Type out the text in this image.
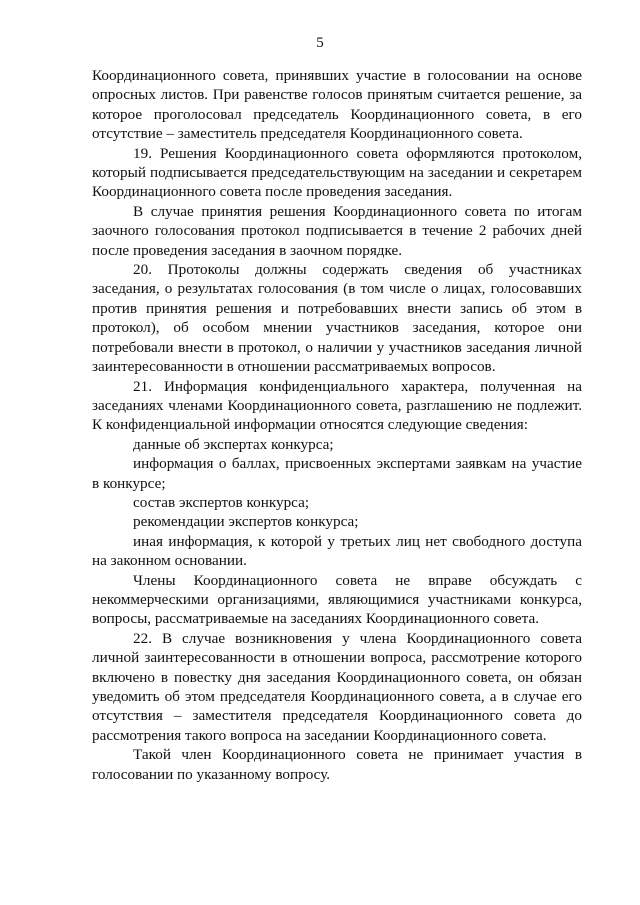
5

Координационного совета, принявших участие в голосовании на основе опросных листов. При равенстве голосов принятым считается решение, за которое проголосовал председатель Координационного совета, в его отсутствие – заместитель председателя Координационного совета.

19. Решения Координационного совета оформляются протоколом, который подписывается председательствующим на заседании и секретарем Координационного совета после проведения заседания.

В случае принятия решения Координационного совета по итогам заочного голосования протокол подписывается в течение 2 рабочих дней после проведения заседания в заочном порядке.

20. Протоколы должны содержать сведения об участниках заседания, о результатах голосования (в том числе о лицах, голосовавших против принятия решения и потребовавших внести запись об этом в протокол), об особом мнении участников заседания, которое они потребовали внести в протокол, о наличии у участников заседания личной заинтересованности в отношении рассматриваемых вопросов.

21. Информация конфиденциального характера, полученная на заседаниях членами Координационного совета, разглашению не подлежит. К конфиденциальной информации относятся следующие сведения:

данные об экспертах конкурса;

информация о баллах, присвоенных экспертами заявкам на участие в конкурсе;

состав экспертов конкурса;

рекомендации экспертов конкурса;

иная информация, к которой у третьих лиц нет свободного доступа на законном основании.

Члены Координационного совета не вправе обсуждать с некоммерческими организациями, являющимися участниками конкурса, вопросы, рассматриваемые на заседаниях Координационного совета.

22. В случае возникновения у члена Координационного совета личной заинтересованности в отношении вопроса, рассмотрение которого включено в повестку дня заседания Координационного совета, он обязан уведомить об этом председателя Координационного совета, а в случае его отсутствия – заместителя председателя Координационного совета до рассмотрения такого вопроса на заседании Координационного совета.

Такой член Координационного совета не принимает участия в голосовании по указанному вопросу.
